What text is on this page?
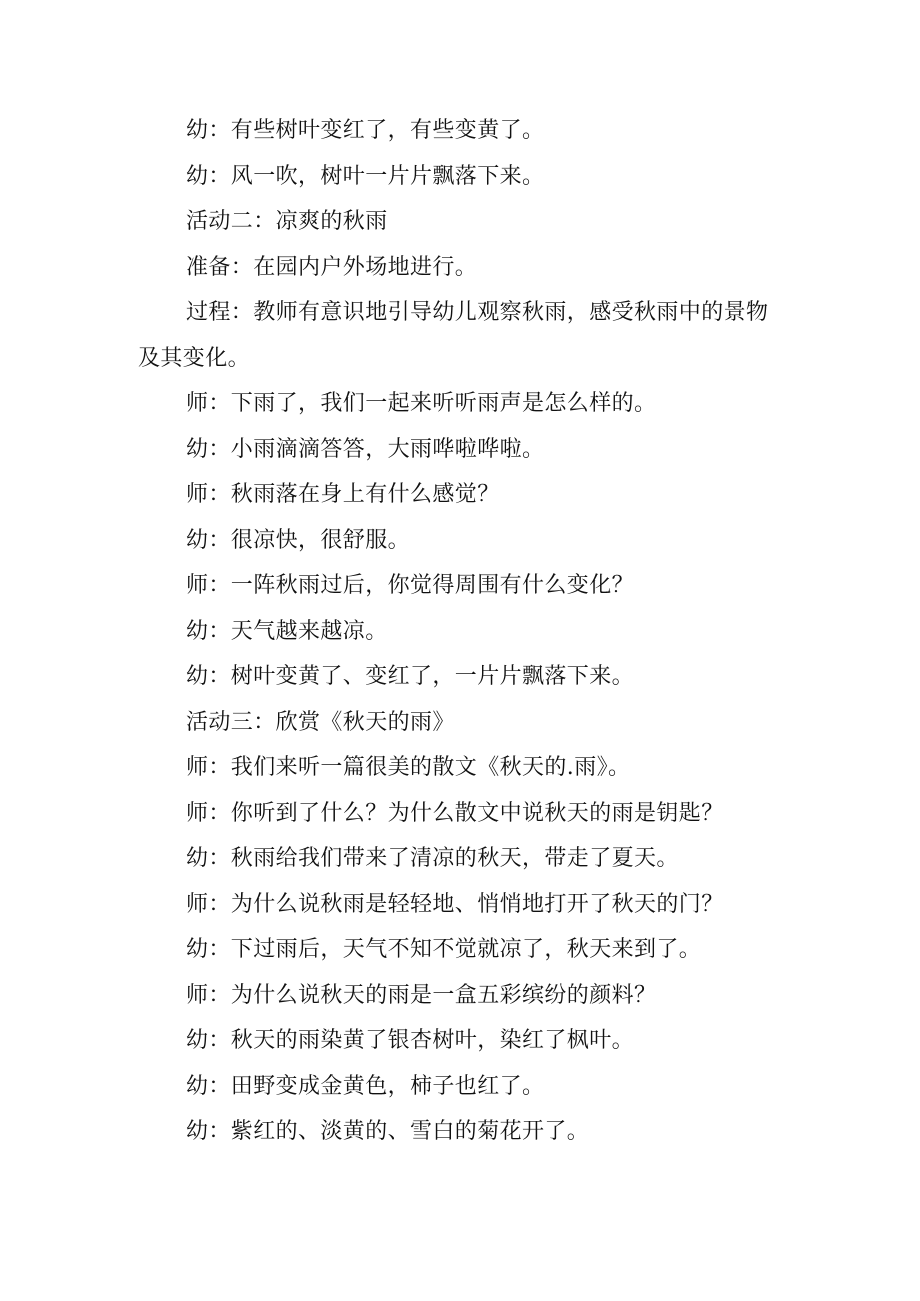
幼：有些树叶变红了，有些变黄了。

幼：风一吹，树叶一片片飘落下来。

活动二：凉爽的秋雨

准备：在园内户外场地进行。

过程：教师有意识地引导幼儿观察秋雨，感受秋雨中的景物及其变化。

师：下雨了，我们一起来听听雨声是怎么样的。

幼：小雨滴滴答答，大雨哗啦哗啦。

师：秋雨落在身上有什么感觉？

幼：很凉快，很舒服。

师：一阵秋雨过后，你觉得周围有什么变化？

幼：天气越来越凉。

幼：树叶变黄了、变红了，一片片飘落下来。

活动三：欣赏《秋天的雨》

师：我们来听一篇很美的散文《秋天的.雨》。

师：你听到了什么？为什么散文中说秋天的雨是钥匙？

幼：秋雨给我们带来了清凉的秋天，带走了夏天。

师：为什么说秋雨是轻轻地、悄悄地打开了秋天的门？

幼：下过雨后，天气不知不觉就凉了，秋天来到了。

师：为什么说秋天的雨是一盒五彩缤纷的颜料？

幼：秋天的雨染黄了银杏树叶，染红了枫叶。

幼：田野变成金黄色，柿子也红了。

幼：紫红的、淡黄的、雪白的菊花开了。
